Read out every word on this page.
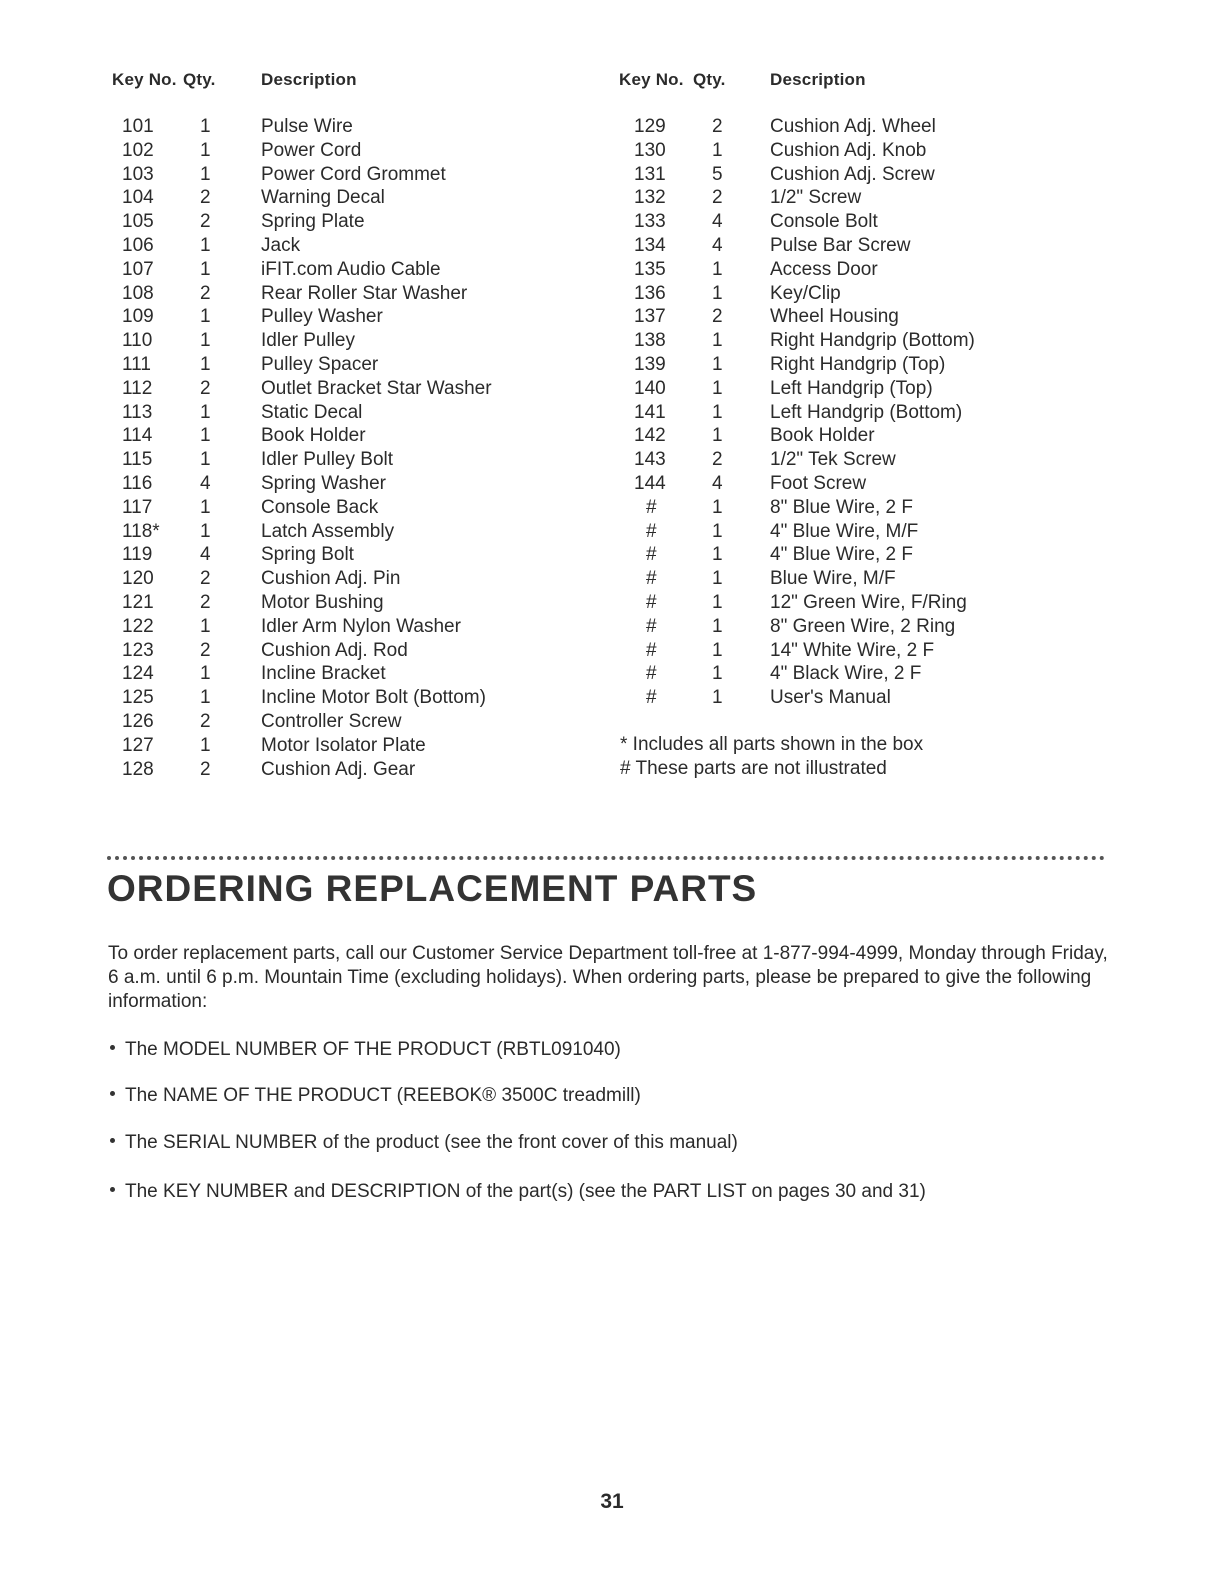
Key No. Qty.	Description	Key No. Qty.	Description
101 1	Pulse Wire
102 1	Power Cord
103 1	Power Cord Grommet
104 2	Warning Decal
105 2	Spring Plate
106 1	Jack
107 1	iFIT.com Audio Cable
108 2	Rear Roller Star Washer
109 1	Pulley Washer
110	1	Idler Pulley
111	1	Pulley Spacer
112	2	Outlet Bracket Star Washer
113	1	Static Decal
114	1	Book Holder
115	1	Idler Pulley Bolt
116	4	Spring Washer
117	1	Console Back
118* 1	Latch Assembly
119	4	Spring Bolt
120 2	Cushion Adj. Pin
121 2	Motor Bushing
122 1	Idler Arm Nylon Washer
123 2	Cushion Adj. Rod
124 1	Incline Bracket
125 1	Incline Motor Bolt (Bottom)
126 2	Controller Screw
127 1	Motor Isolator Plate
128 2	Cushion Adj. Gear
129 2 Cushion Adj. Wheel
130 1 Cushion Adj. Knob
131 5 Cushion Adj. Screw
132 2 1/2" Screw
133 4 Console Bolt
134 4 Pulse Bar Screw
135 1 Access Door
136 1 Key/Clip
137 2 Wheel Housing
138 1 Right Handgrip (Bottom)
139 1 Right Handgrip (Top)
140 1 Left Handgrip (Top)
141 1 Left Handgrip (Bottom)
142 1 Book Holder
143 2 1/2" Tek Screw
144 4 Foot Screw
#	1 8" Blue Wire, 2 F
#	1 4" Blue Wire, M/F
#	1 4" Blue Wire, 2 F
#	1 Blue Wire, M/F
#	1 12" Green Wire, F/Ring
#	1 8" Green Wire, 2 Ring
#	1 14" White Wire, 2 F
#	1 4" Black Wire, 2 F
#	1 User's Manual
* Includes all parts shown in the box
# These parts are not illustrated
ORDERING REPLACEMENT PARTS
To order replacement parts, call our Customer Service Department toll-free at 1-877-994-4999, Monday through Friday, 6 a.m. until 6 p.m. Mountain Time (excluding holidays). When ordering parts, please be prepared to give the following information:
The MODEL NUMBER OF THE PRODUCT (RBTL091040)
The NAME OF THE PRODUCT (REEBOK® 3500C treadmill)
The SERIAL NUMBER of the product (see the front cover of this manual)
The KEY NUMBER and DESCRIPTION of the part(s) (see the PART LIST on pages 30 and 31)
31
